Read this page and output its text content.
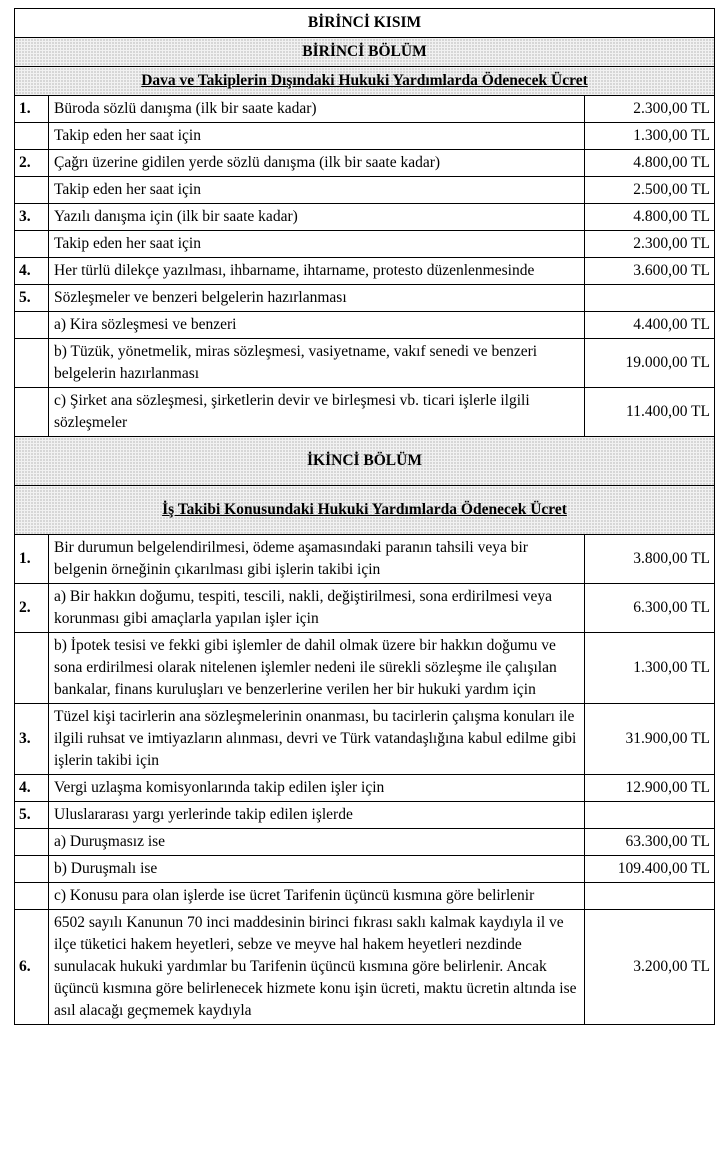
BİRİNCİ KISIM		
BİRİNCİ BÖLÜM		
Dava ve Takiplerin Dışındaki Hukuki Yardımlarda Ödenecek Ücret		
1.	Büroda sözlü danışma (ilk bir saate kadar)	2.300,00 TL
	Takip eden her saat için	1.300,00 TL
2.	Çağrı üzerine gidilen yerde sözlü danışma (ilk bir saate kadar)	4.800,00 TL
	Takip eden her saat için	2.500,00 TL
3.	Yazılı danışma için (ilk bir saate kadar)	4.800,00 TL
	Takip eden her saat için	2.300,00 TL
4.	Her türlü dilekçe yazılması, ihbarname, ihtarname, protesto düzenlenmesinde	3.600,00 TL
5.	Sözleşmeler ve benzeri belgelerin hazırlanması	
	a) Kira sözleşmesi ve benzeri	4.400,00 TL
	b) Tüzük, yönetmelik, miras sözleşmesi, vasiyetname, vakıf senedi ve benzeri belgelerin hazırlanması	19.000,00 TL
	c) Şirket ana sözleşmesi, şirketlerin devir ve birleşmesi vb. ticari işlerle ilgili sözleşmeler	11.400,00 TL
İKİNCİ BÖLÜM		
İş Takibi Konusundaki Hukuki Yardımlarda Ödenecek Ücret		
1.	Bir durumun belgelendirilmesi, ödeme aşamasındaki paranın tahsili veya bir belgenin örneğinin çıkarılması gibi işlerin takibi için	3.800,00 TL
2.	a) Bir hakkın doğumu, tespiti, tescili, nakli, değiştirilmesi, sona erdirilmesi veya korunması gibi amaçlarla yapılan işler için	6.300,00 TL
	b) İpotek tesisi ve fekki gibi işlemler de dahil olmak üzere bir hakkın doğumu ve sona erdirilmesi olarak nitelenen işlemler nedeni ile sürekli sözleşme ile çalışılan bankalar, finans kuruluşları ve benzerlerine verilen her bir hukuki yardım için	1.300,00 TL
3.	Tüzel kişi tacirlerin ana sözleşmelerinin onanması, bu tacirlerin çalışma konuları ile ilgili ruhsat ve imtiyazların alınması, devri ve Türk vatandaşlığına kabul edilme gibi işlerin takibi için	31.900,00 TL
4.	Vergi uzlaşma komisyonlarında takip edilen işler için	12.900,00 TL
5.	Uluslararası yargı yerlerinde takip edilen işlerde	
	a) Duruşmasız ise	63.300,00 TL
	b) Duruşmalı ise	109.400,00 TL
	c) Konusu para olan işlerde ise ücret Tarifenin üçüncü kısmına göre belirlenir	
6.	6502 sayılı Kanunun 70 inci maddesinin birinci fıkrası saklı kalmak kaydıyla il ve ilçe tüketici hakem heyetleri, sebze ve meyve hal hakem heyetleri nezdinde sunulacak hukuki yardımlar bu Tarifenin üçüncü kısmına göre belirlenir. Ancak üçüncü kısmına göre belirlenecek hizmete konu işin ücreti, maktu ücretin altında ise asıl alacağı geçmemek kaydıyla	3.200,00 TL
